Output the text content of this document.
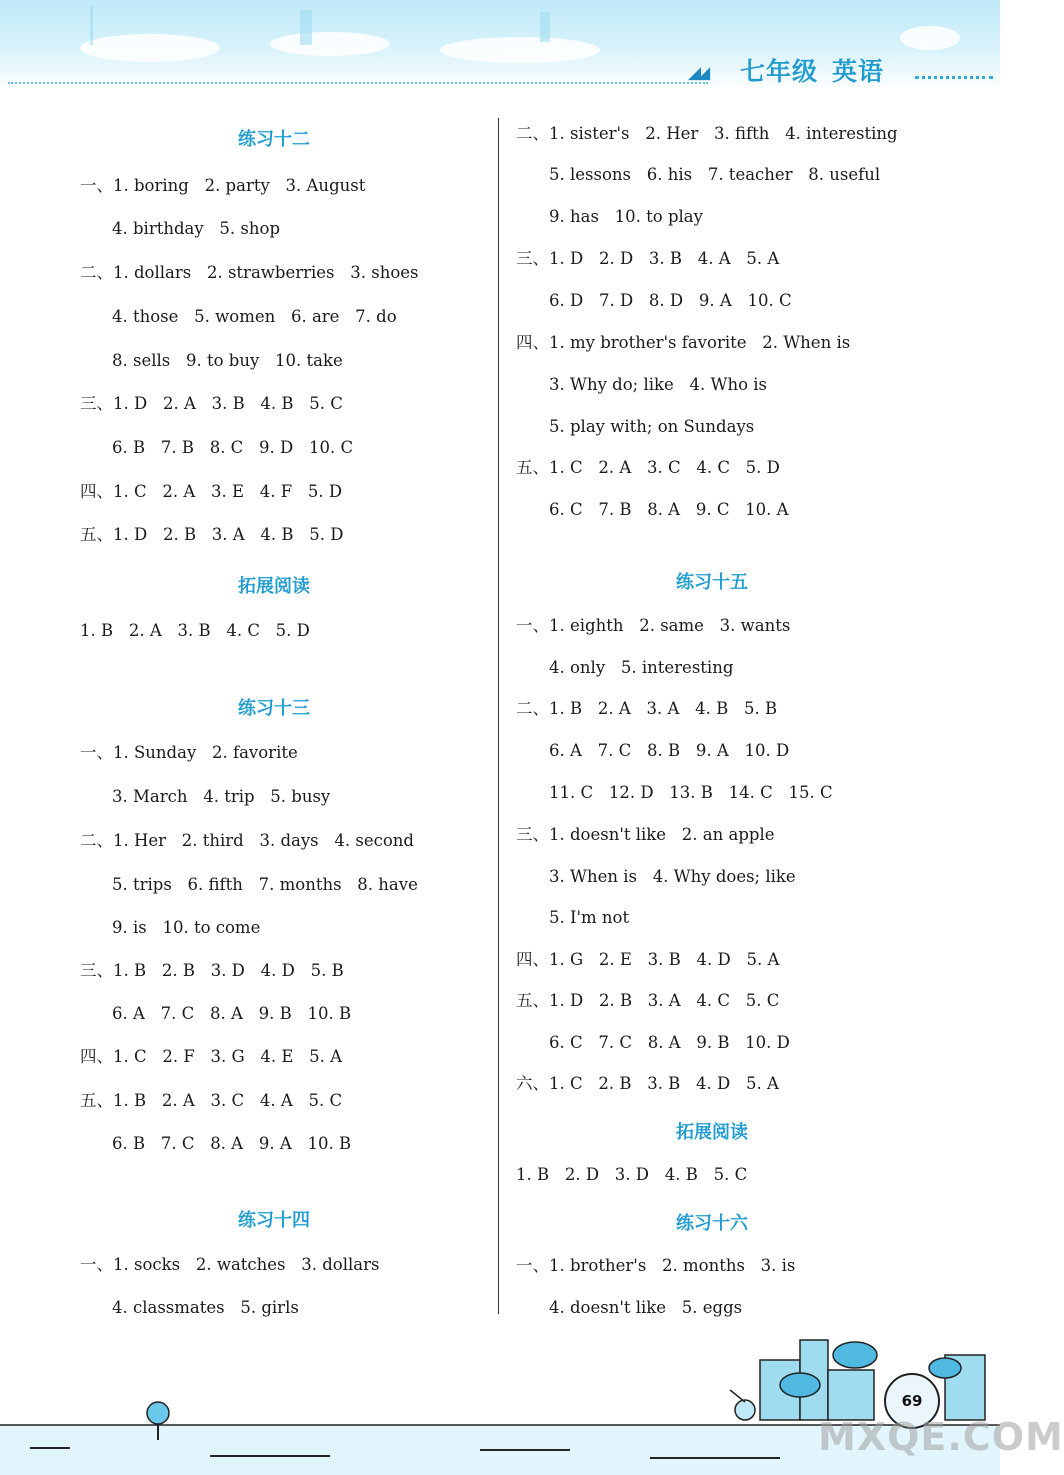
◢◢ 七年级 英语
练习十二
一、1. boring   2. party   3. August
4. birthday   5. shop
二、1. dollars   2. strawberries   3. shoes
4. those   5. women   6. are   7. do
8. sells   9. to buy   10. take
三、1. D   2. A   3. B   4. B   5. C
6. B   7. B   8. C   9. D   10. C
四、1. C   2. A   3. E   4. F   5. D
五、1. D   2. B   3. A   4. B   5. D
拓展阅读
1. B   2. A   3. B   4. C   5. D
练习十三
一、1. Sunday   2. favorite
3. March   4. trip   5. busy
二、1. Her   2. third   3. days   4. second
5. trips   6. fifth   7. months   8. have
9. is   10. to come
三、1. B   2. B   3. D   4. D   5. B
6. A   7. C   8. A   9. B   10. B
四、1. C   2. F   3. G   4. E   5. A
五、1. B   2. A   3. C   4. A   5. C
6. B   7. C   8. A   9. A   10. B
练习十四
一、1. socks   2. watches   3. dollars
4. classmates   5. girls
二、1. sister's   2. Her   3. fifth   4. interesting
5. lessons   6. his   7. teacher   8. useful
9. has   10. to play
三、1. D   2. D   3. B   4. A   5. A
6. D   7. D   8. D   9. A   10. C
四、1. my brother's favorite   2. When is
3. Why do; like   4. Who is
5. play with; on Sundays
五、1. C   2. A   3. C   4. C   5. D
6. C   7. B   8. A   9. C   10. A
练习十五
一、1. eighth   2. same   3. wants
4. only   5. interesting
二、1. B   2. A   3. A   4. B   5. B
6. A   7. C   8. B   9. A   10. D
11. C   12. D   13. B   14. C   15. C
三、1. doesn't like   2. an apple
3. When is   4. Why does; like
5. I'm not
四、1. G   2. E   3. B   4. D   5. A
五、1. D   2. B   3. A   4. C   5. C
6. C   7. C   8. A   9. B   10. D
六、1. C   2. B   3. B   4. D   5. A
拓展阅读
1. B   2. D   3. D   4. B   5. C
练习十六
一、1. brother's   2. months   3. is
4. doesn't like   5. eggs
69
MXQE.COM
